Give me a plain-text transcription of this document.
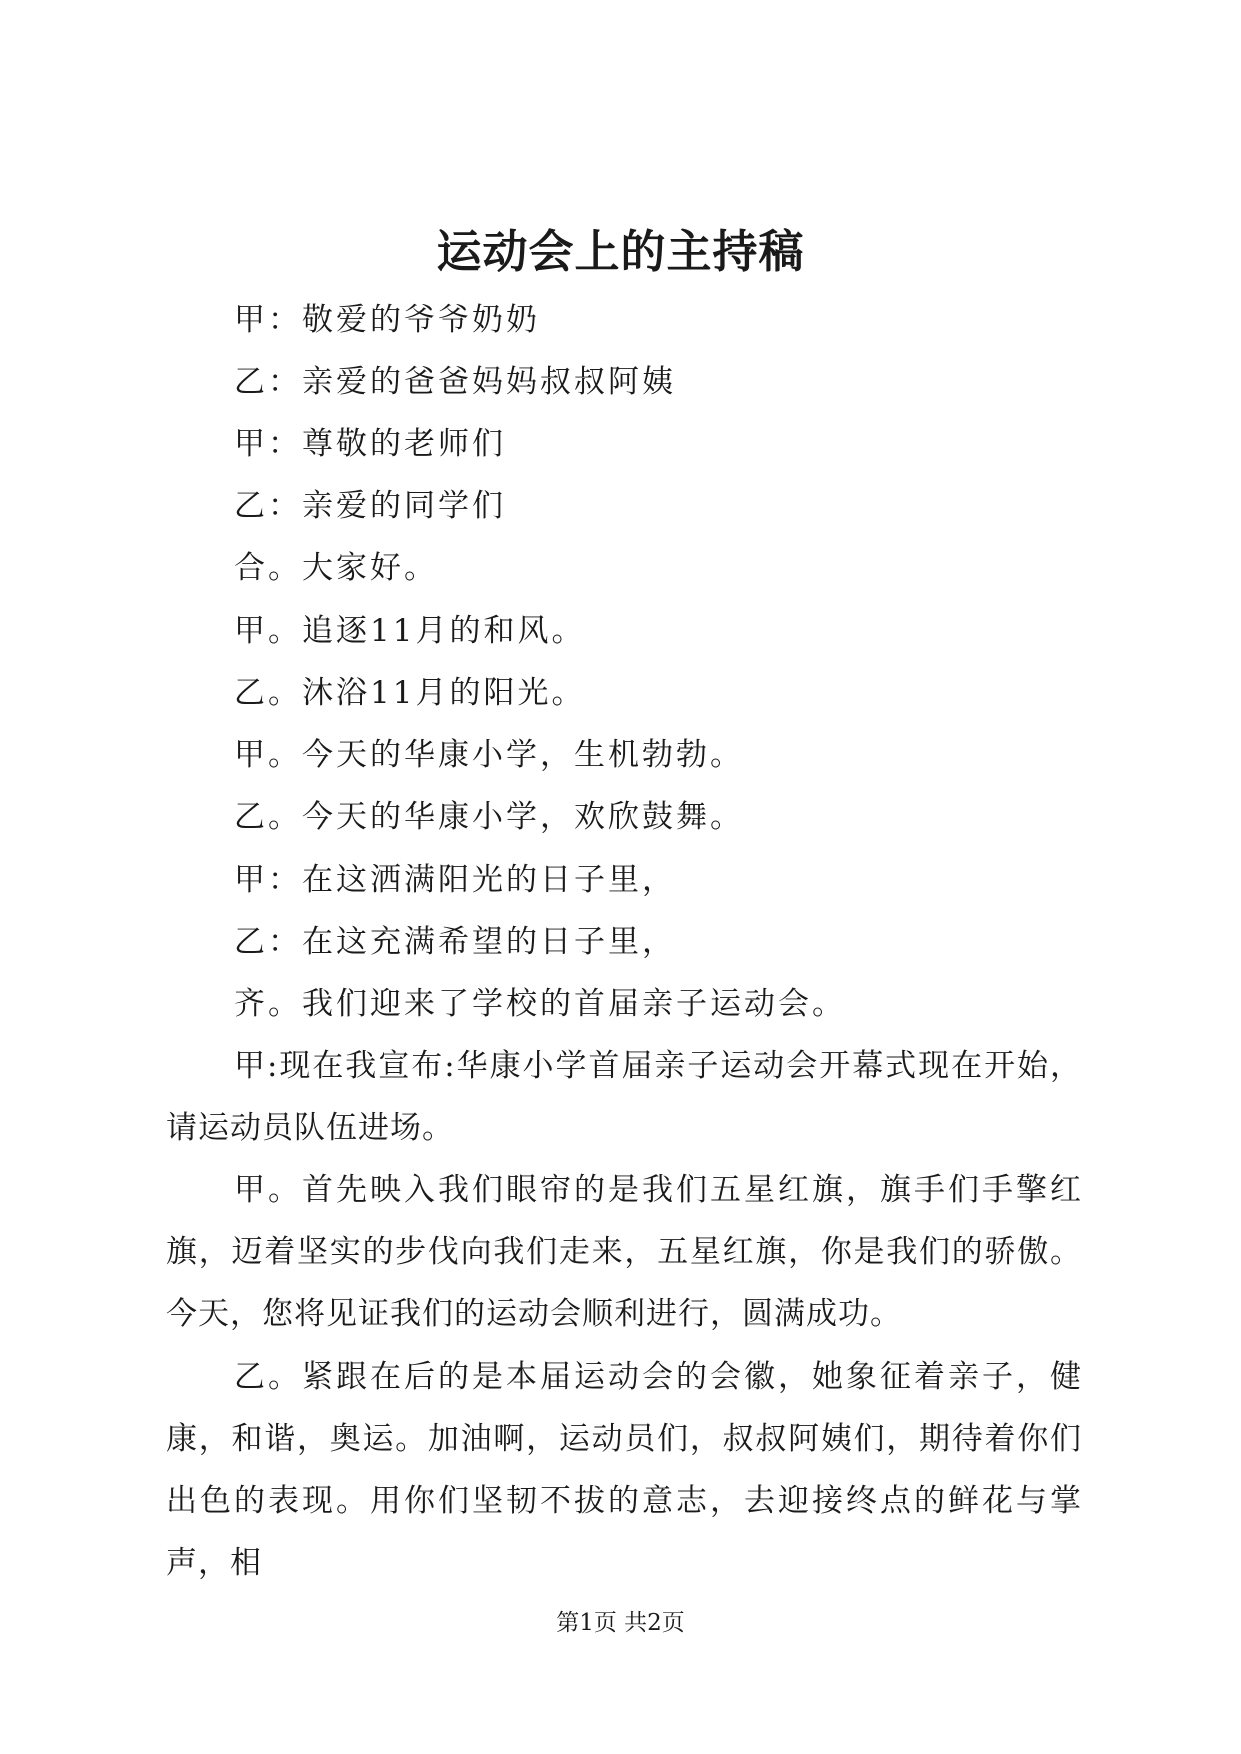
运动会上的主持稿
甲：敬爱的爷爷奶奶
乙：亲爱的爸爸妈妈叔叔阿姨
甲：尊敬的老师们
乙：亲爱的同学们
合。大家好。
甲。追逐11月的和风。
乙。沐浴11月的阳光。
甲。今天的华康小学，生机勃勃。
乙。今天的华康小学，欢欣鼓舞。
甲：在这洒满阳光的日子里，
乙：在这充满希望的日子里，
齐。我们迎来了学校的首届亲子运动会。
甲:现在我宣布:华康小学首届亲子运动会开幕式现在开始，请运动员队伍进场。
甲。首先映入我们眼帘的是我们五星红旗，旗手们手擎红旗，迈着坚实的步伐向我们走来，五星红旗，你是我们的骄傲。今天，您将见证我们的运动会顺利进行，圆满成功。
乙。紧跟在后的是本届运动会的会徽，她象征着亲子，健康，和谐，奥运。加油啊，运动员们，叔叔阿姨们，期待着你们出色的表现。用你们坚韧不拔的意志，去迎接终点的鲜花与掌声，相
第1页 共2页
